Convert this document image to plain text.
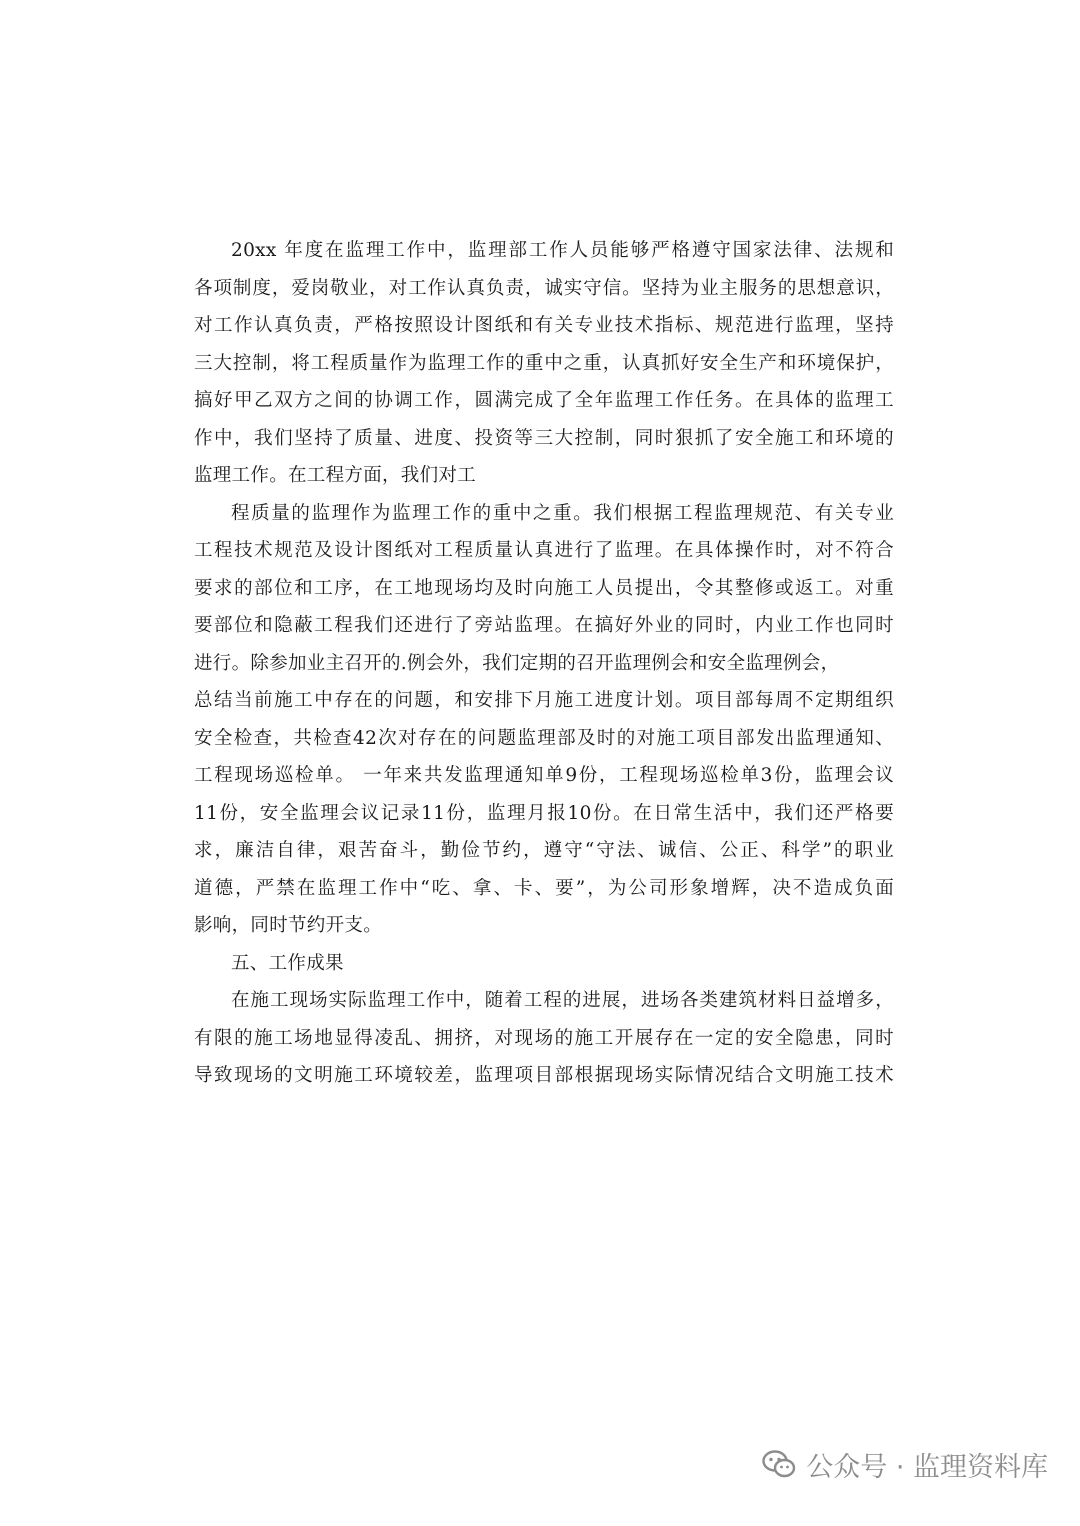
20xx 年度在监理工作中，监理部工作人员能够严格遵守国家法律、法规和
各项制度，爱岗敬业，对工作认真负责，诚实守信。坚持为业主服务的思想意识，
对工作认真负责，严格按照设计图纸和有关专业技术指标、规范进行监理，坚持
三大控制，将工程质量作为监理工作的重中之重，认真抓好安全生产和环境保护，
搞好甲乙双方之间的协调工作，圆满完成了全年监理工作任务。在具体的监理工
作中，我们坚持了质量、进度、投资等三大控制，同时狠抓了安全施工和环境的
监理工作。在工程方面，我们对工
程质量的监理作为监理工作的重中之重。我们根据工程监理规范、有关专业
工程技术规范及设计图纸对工程质量认真进行了监理。在具体操作时，对不符合
要求的部位和工序，在工地现场均及时向施工人员提出，令其整修或返工。对重
要部位和隐蔽工程我们还进行了旁站监理。在搞好外业的同时，内业工作也同时
进行。除参加业主召开的.例会外，我们定期的召开监理例会和安全监理例会，
总结当前施工中存在的问题，和安排下月施工进度计划。项目部每周不定期组织
安全检查，共检查42次对存在的问题监理部及时的对施工项目部发出监理通知、
工程现场巡检单。 一年来共发监理通知单9份，工程现场巡检单3份，监理会议
11份，安全监理会议记录11份，监理月报10份。在日常生活中，我们还严格要
求，廉洁自律，艰苦奋斗，勤俭节约，遵守“守法、诚信、公正、科学”的职业
道德，严禁在监理工作中“吃、拿、卡、要”，为公司形象增辉，决不造成负面
影响，同时节约开支。
五、工作成果
在施工现场实际监理工作中，随着工程的进展，进场各类建筑材料日益增多，
有限的施工场地显得凌乱、拥挤，对现场的施工开展存在一定的安全隐患，同时
导致现场的文明施工环境较差，监理项目部根据现场实际情况结合文明施工技术
公众号 · 监理资料库
